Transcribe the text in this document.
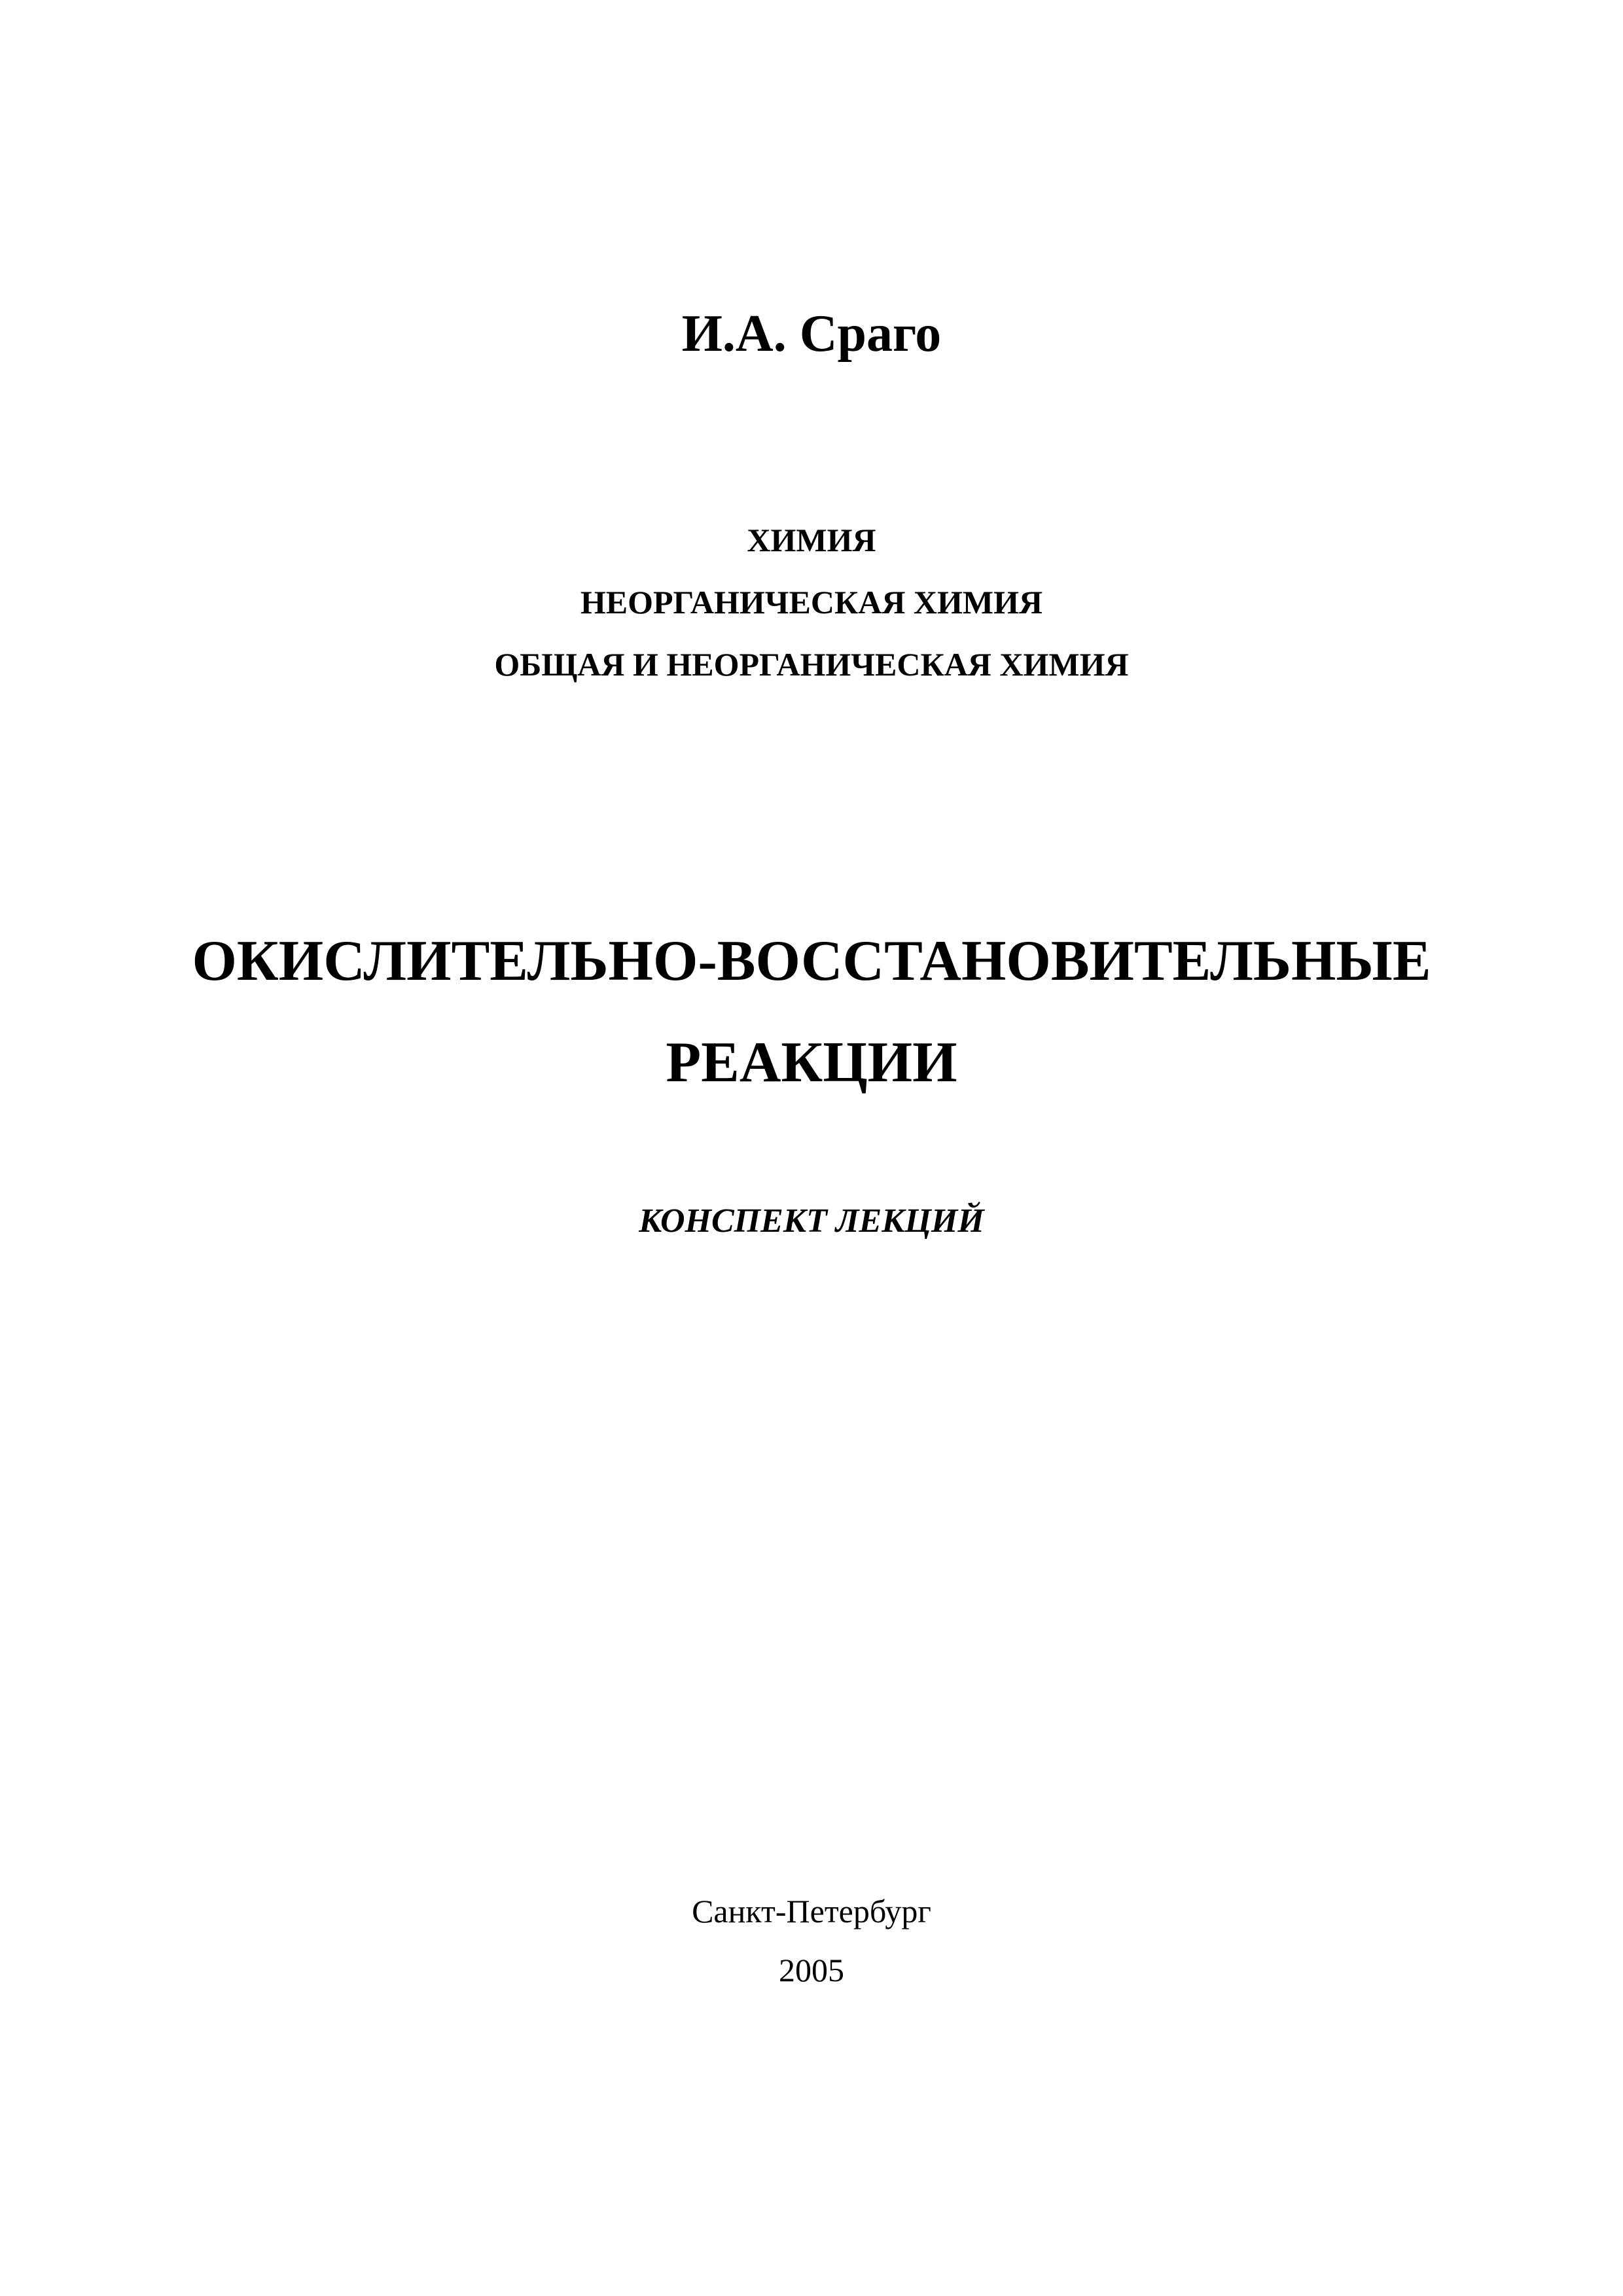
И.А. Сраго
ХИМИЯ
НЕОРГАНИЧЕСКАЯ ХИМИЯ
ОБЩАЯ И НЕОРГАНИЧЕСКАЯ ХИМИЯ
ОКИСЛИТЕЛЬНО-ВОССТАНОВИТЕЛЬНЫЕ
РЕАКЦИИ
КОНСПЕКТ ЛЕКЦИЙ
Санкт-Петербург
2005
